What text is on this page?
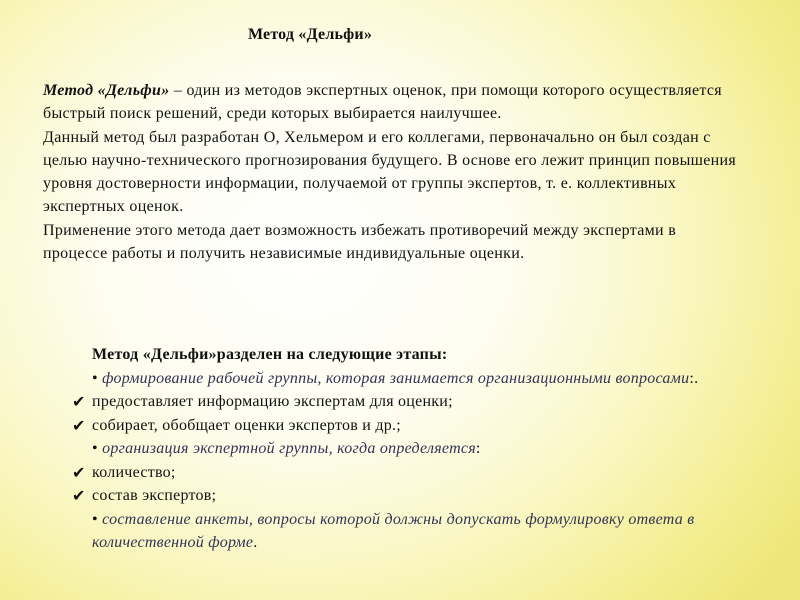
Метод «Дельфи»

Метод «Дельфи» – один из методов экспертных оценок, при помощи которого осуществляется быстрый поиск решений, среди которых выбирается наилучшее.

Данный метод был разработан О, Хельмером и его коллегами, первоначально он был создан с целью научно-технического прогнозирования будущего. В основе его лежит принцип повышения уровня достоверности информации, получаемой от группы экспертов, т. е. коллективных экспертных оценок.

Применение этого метода дает возможность избежать противоречий между экспертами в процессе работы и получить независимые индивидуальные оценки.

Метод «Дельфи»разделен на следующие этапы:
• формирование рабочей группы, которая занимается организационными вопросами:.
✔ предоставляет информацию экспертам для оценки;
✔ собирает, обобщает оценки экспертов и др.;
• организация экспертной группы, когда определяется:
✔ количество;
✔ состав экспертов;
• составление анкеты, вопросы которой должны допускать формулировку ответа в количественной форме.
